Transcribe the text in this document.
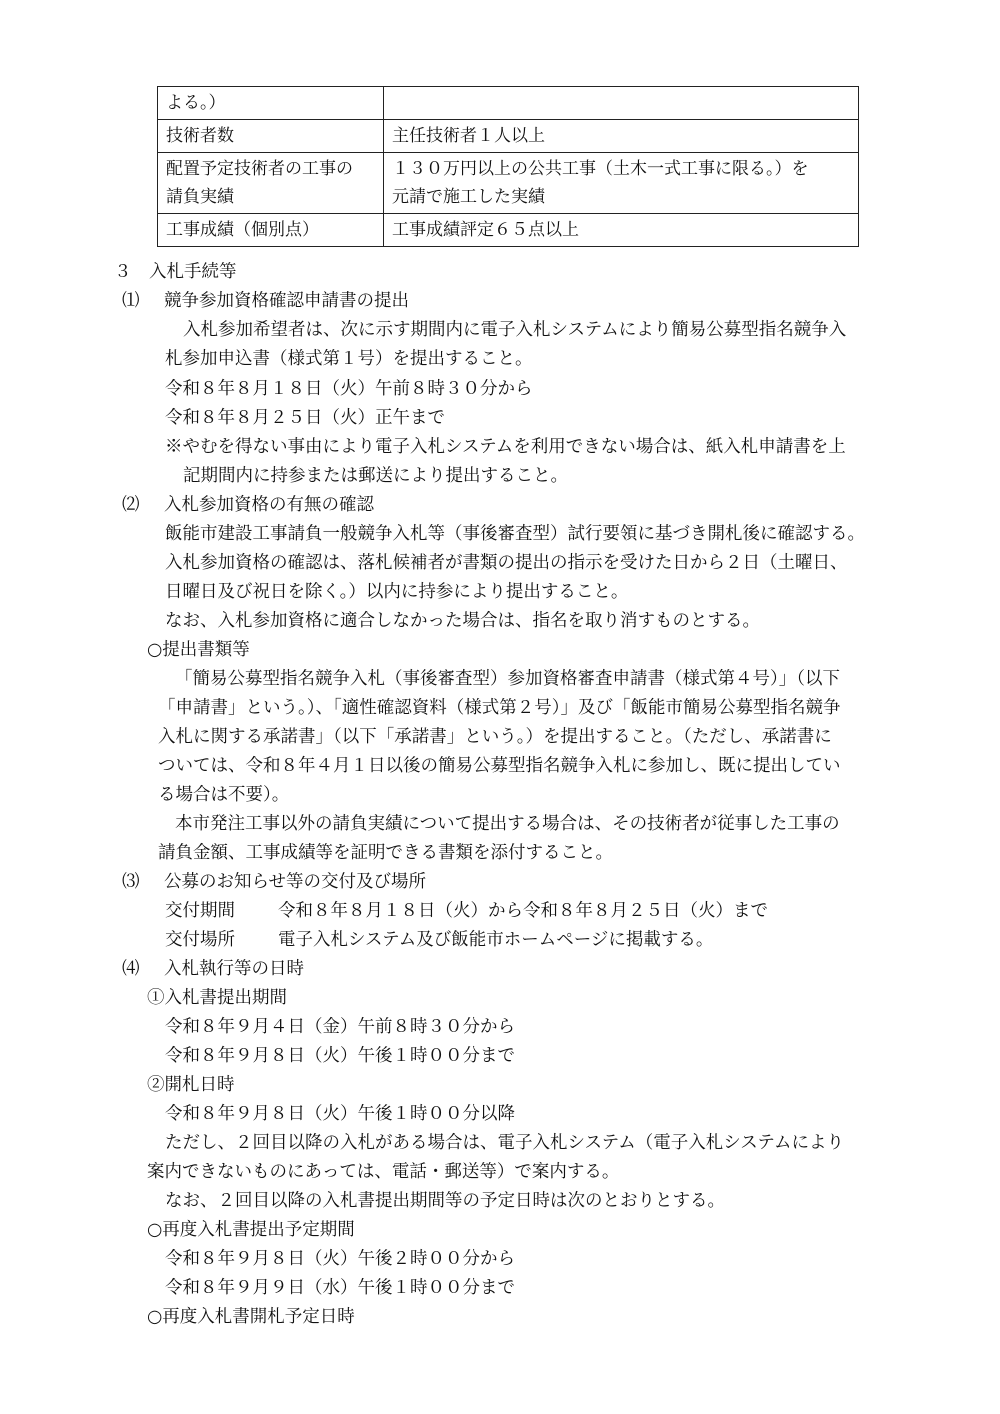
よる。）	
技術者数	主任技術者１人以上
配置予定技術者の工事の
請負実績	１３０万円以上の公共工事（土木一式工事に限る。）を
元請で施工した実績
工事成績（個別点）	工事成績評定６５点以上
３　入札手続等
⑴ 競争参加資格確認申請書の提出
入札参加希望者は、次に示す期間内に電子入札システムにより簡易公募型指名競争入
札参加申込書（様式第１号）を提出すること。
令和８年８月１８日（火）午前８時３０分から
令和８年８月２５日（火）正午まで
※やむを得ない事由により電子入札システムを利用できない場合は、紙入札申請書を上
記期間内に持参または郵送により提出すること。
⑵ 入札参加資格の有無の確認
飯能市建設工事請負一般競争入札等（事後審査型）試行要領に基づき開札後に確認する。
入札参加資格の確認は、落札候補者が書類の提出の指示を受けた日から２日（土曜日、
日曜日及び祝日を除く。）以内に持参により提出すること。
なお、入札参加資格に適合しなかった場合は、指名を取り消すものとする。
○提出書類等
「簡易公募型指名競争入札（事後審査型）参加資格審査申請書（様式第４号）」（以下
「申請書」という。）、「適性確認資料（様式第２号）」及び「飯能市簡易公募型指名競争
入札に関する承諾書」（以下「承諾書」という。）を提出すること。（ただし、承諾書に
ついては、令和８年４月１日以後の簡易公募型指名競争入札に参加し、既に提出してい
る場合は不要）。
本市発注工事以外の請負実績について提出する場合は、その技術者が従事した工事の
請負金額、工事成績等を証明できる書類を添付すること。
⑶ 公募のお知らせ等の交付及び場所
交付期間 令和８年８月１８日（火）から令和８年８月２５日（火）まで
交付場所 電子入札システム及び飯能市ホームページに掲載する。
⑷ 入札執行等の日時
①入札書提出期間
令和８年９月４日（金）午前８時３０分から
令和８年９月８日（火）午後１時００分まで
②開札日時
令和８年９月８日（火）午後１時００分以降
ただし、２回目以降の入札がある場合は、電子入札システム（電子入札システムにより
案内できないものにあっては、電話・郵送等）で案内する。
なお、２回目以降の入札書提出期間等の予定日時は次のとおりとする。
○再度入札書提出予定期間
令和８年９月８日（火）午後２時００分から
令和８年９月９日（水）午後１時００分まで
○再度入札書開札予定日時
